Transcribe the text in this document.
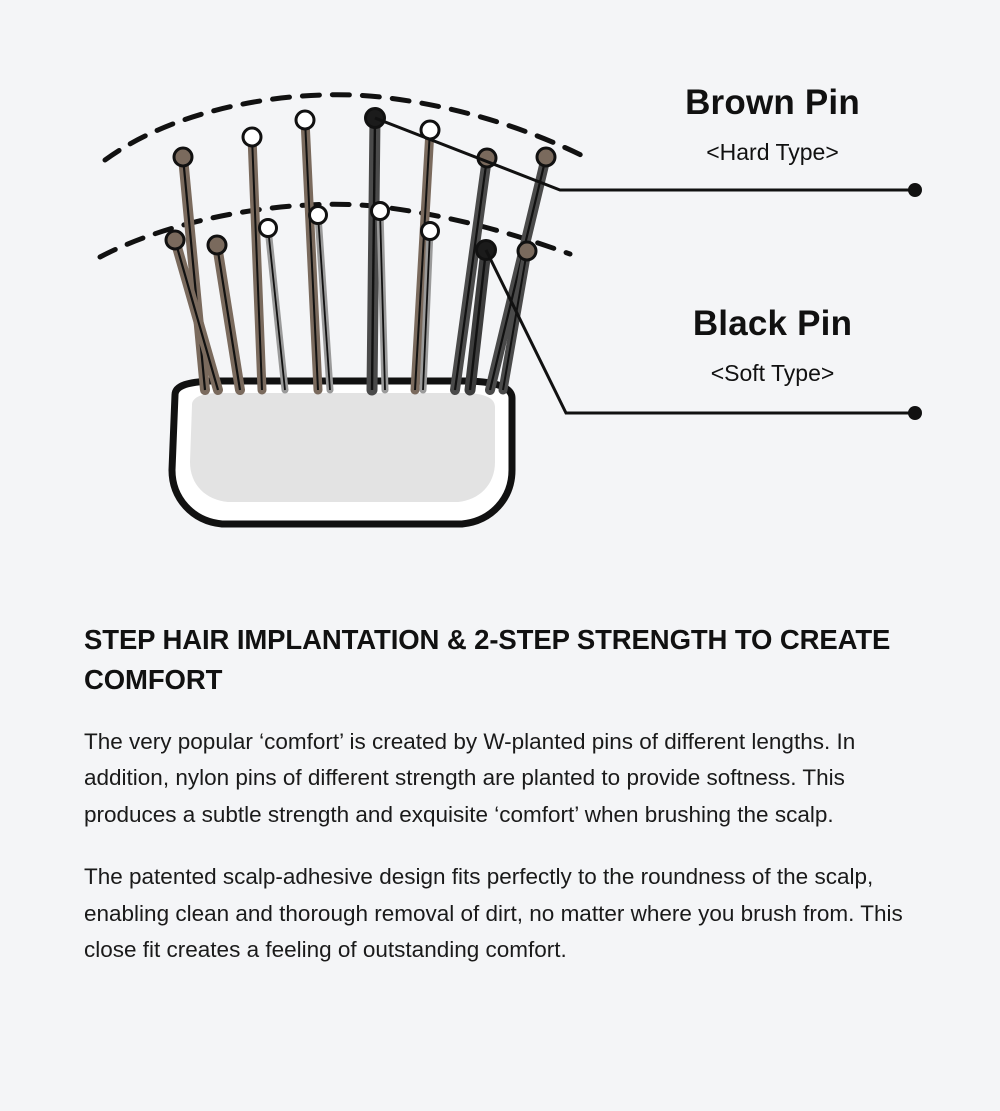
Brown Pin
<Hard Type>
Black Pin
<Soft Type>
STEP HAIR IMPLANTATION & 2-STEP STRENGTH TO CREATE COMFORT

The very popular ‘comfort’ is created by W-planted pins of different lengths. In addition, nylon pins of different strength are planted to provide softness. This produces a subtle strength and exquisite ‘comfort’ when brushing the scalp.

The patented scalp-adhesive design fits perfectly to the roundness of the scalp, enabling clean and thorough removal of dirt, no matter where you brush from. This close fit creates a feeling of outstanding comfort.
